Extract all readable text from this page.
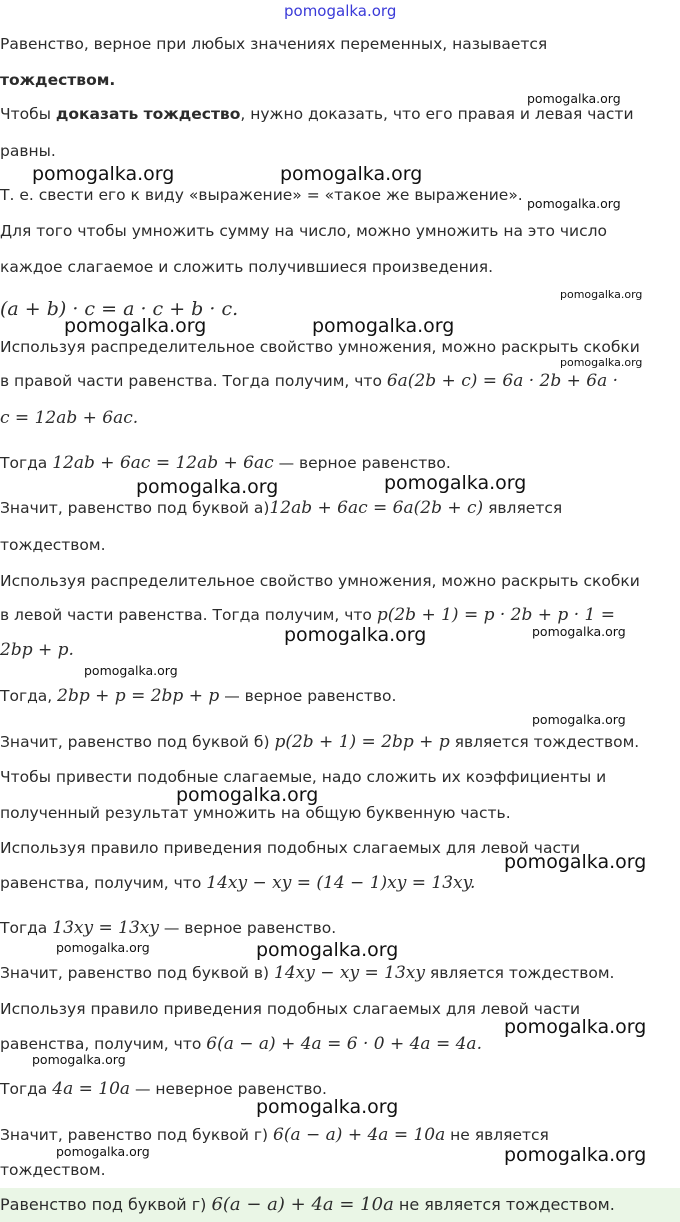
pomogalka.org
Равенство, верное при любых значениях переменных, называется
тождеством.
Чтобы доказать тождество, нужно доказать, что его правая и левая части
равны.
Т. е. свести его к виду «выражение» = «такое же выражение».
Для того чтобы умножить сумму на число, можно умножить на это число
каждое слагаемое и сложить получившиеся произведения.
(a + b) · c = a · c + b · c.
Используя распределительное свойство умножения, можно раскрыть скобки
в правой части равенства. Тогда получим, что 6a(2b + c) = 6a · 2b + 6a ·
c = 12ab + 6ac.
Тогда 12ab + 6ac = 12ab + 6ac — верное равенство.
Значит, равенство под буквой а)12ab + 6ac = 6a(2b + c) является
тождеством.
Используя распределительное свойство умножения, можно раскрыть скобки
в левой части равенства. Тогда получим, что p(2b + 1) = p · 2b + p · 1 =
2bp + p.
Тогда, 2bp + p = 2bp + p — верное равенство.
Значит, равенство под буквой б) p(2b + 1) = 2bp + p является тождеством.
Чтобы привести подобные слагаемые, надо сложить их коэффициенты и
полученный результат умножить на общую буквенную часть.
Используя правило приведения подобных слагаемых для левой части
равенства, получим, что 14xy − xy = (14 − 1)xy = 13xy.
Тогда 13xy = 13xy — верное равенство.
Значит, равенство под буквой в) 14xy − xy = 13xy является тождеством.
Используя правило приведения подобных слагаемых для левой части
равенства, получим, что 6(a − a) + 4a = 6 · 0 + 4a = 4a.
Тогда 4a = 10a — неверное равенство.
Значит, равенство под буквой г) 6(a − a) + 4a = 10a не является
тождеством.
Равенство под буквой г) 6(a − a) + 4a = 10a не является тождеством.
pomogalka.org
pomogalka.org	pomogalka.org
pomogalka.org
pomogalka.org
pomogalka.org	pomogalka.org
pomogalka.org
pomogalka.org
pomogalka.org
pomogalka.org	pomogalka.org
pomogalka.org
pomogalka.org
pomogalka.org
pomogalka.org
pomogalka.org	pomogalka.org
pomogalka.org
pomogalka.org
pomogalka.org
pomogalka.org	pomogalka.org
